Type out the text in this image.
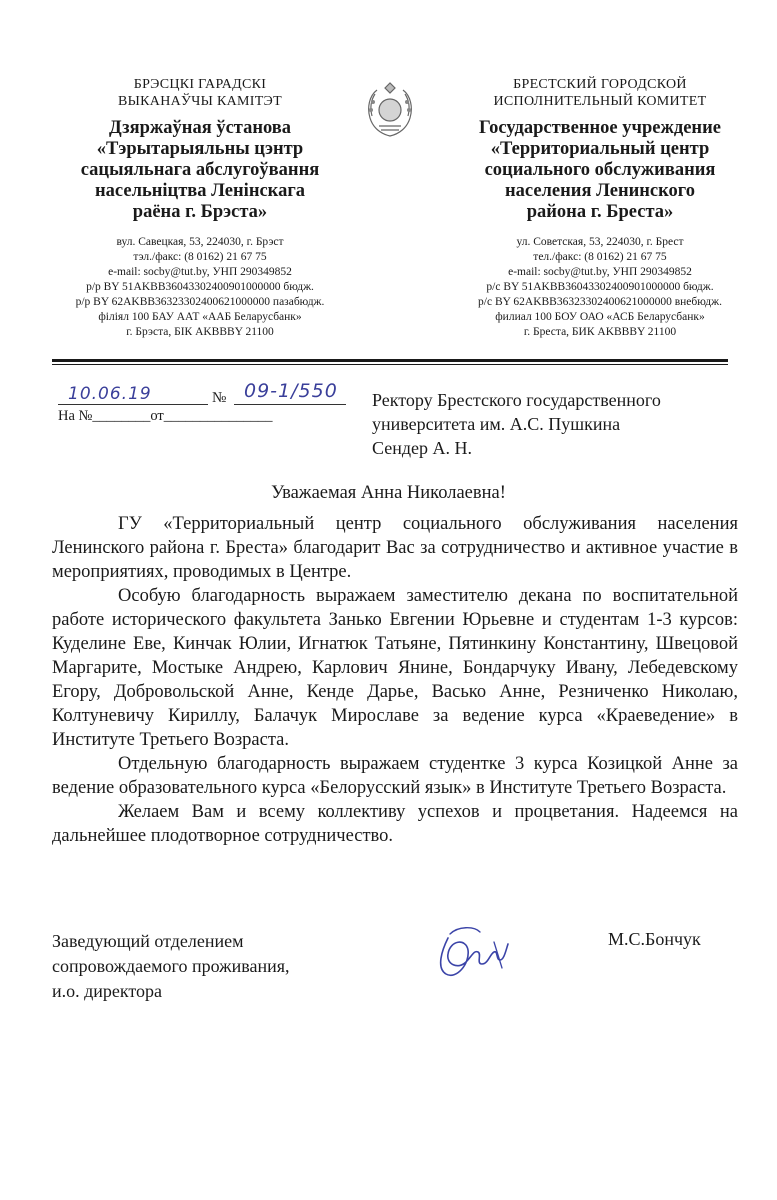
БРЭСЦКІ ГАРАДСКІ
ВЫКАНАЎЧЫ КАМІТЭТ
Дзяржаўная ўстанова
«Тэрытарыяльны цэнтр
сацыяльнага абслугоўвання
насельніцтва Ленінскага
раёна г. Брэста»
вул. Савецкая, 53, 224030, г. Брэст
тэл./факс: (8 0162) 21 67 75
e-mail: socby@tut.by, УНП 290349852
р/р BY 51AKBB36043302400901000000 бюдж.
р/р BY 62AKBB36323302400621000000 пазабюдж.
філіял 100 БАУ ААТ «ААБ Беларусбанк»
г. Брэста, БІК AKBBBY 21100
БРЕСТСКИЙ ГОРОДСКОЙ
ИСПОЛНИТЕЛЬНЫЙ КОМИТЕТ
Государственное учреждение
«Территориальный центр
социального обслуживания
населения Ленинского
района г. Бреста»
ул. Советская, 53, 224030, г. Брест
тел./факс: (8 0162) 21 67 75
e-mail: socby@tut.by, УНП 290349852
р/с BY 51AKBB36043302400901000000 бюдж.
р/с BY 62AKBB36323302400621000000 внебюдж.
филиал 100 БОУ ОАО «АСБ Беларусбанк»
г. Бреста, БИК AKBBBY 21100
10.06.19	№ 09-1/550
На №________от_______________
Ректору Брестского государственного
университета им. А.С. Пушкина
Сендер А. Н.
Уважаемая Анна Николаевна!

ГУ «Территориальный центр социального обслуживания населения Ленинского района г. Бреста» благодарит Вас за сотрудничество и активное участие в мероприятиях, проводимых в Центре.

Особую благодарность выражаем заместителю декана по воспитательной работе исторического факультета Занько Евгении Юрьевне и студентам 1-3 курсов: Куделине Еве, Кинчак Юлии, Игнатюк Татьяне, Пятинкину Константину, Швецовой Маргарите, Мостыке Андрею, Карлович Янине, Бондарчуку Ивану, Лебедевскому Егору, Добровольской Анне, Кенде Дарье, Васько Анне, Резниченко Николаю, Колтуневичу Кириллу, Балачук Мирославе за ведение курса «Краеведение» в Институте Третьего Возраста.

Отдельную благодарность выражаем студентке 3 курса Козицкой Анне за ведение образовательного курса «Белорусский язык» в Институте Третьего Возраста.

Желаем Вам и всему коллективу успехов и процветания. Надеемся на дальнейшее плодотворное сотрудничество.

Заведующий отделением
сопровождаемого проживания,
и.о. директора
М.С.Бончук
